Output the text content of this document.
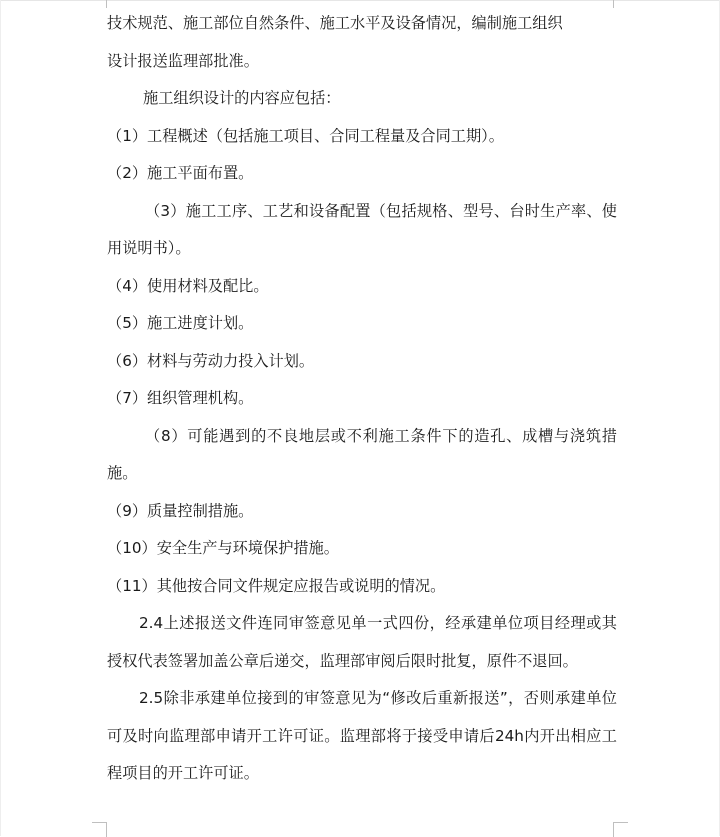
技术规范、施工部位自然条件、施工水平及设备情况，编制施工组织

设计报送监理部批准。

施工组织设计的内容应包括：

（1）工程概述（包括施工项目、合同工程量及合同工期）。

（2）施工平面布置。

（3）施工工序、工艺和设备配置（包括规格、型号、台时生产率、使用说明书）。

（4）使用材料及配比。

（5）施工进度计划。

（6）材料与劳动力投入计划。

（7）组织管理机构。

（8）可能遇到的不良地层或不利施工条件下的造孔、成槽与浇筑措施。

（9）质量控制措施。

（10）安全生产与环境保护措施。

（11）其他按合同文件规定应报告或说明的情况。

2.4上述报送文件连同审签意见单一式四份，经承建单位项目经理或其授权代表签署加盖公章后递交，监理部审阅后限时批复，原件不退回。

2.5除非承建单位接到的审签意见为“修改后重新报送”，否则承建单位可及时向监理部申请开工许可证。监理部将于接受申请后24h内开出相应工程项目的开工许可证。
